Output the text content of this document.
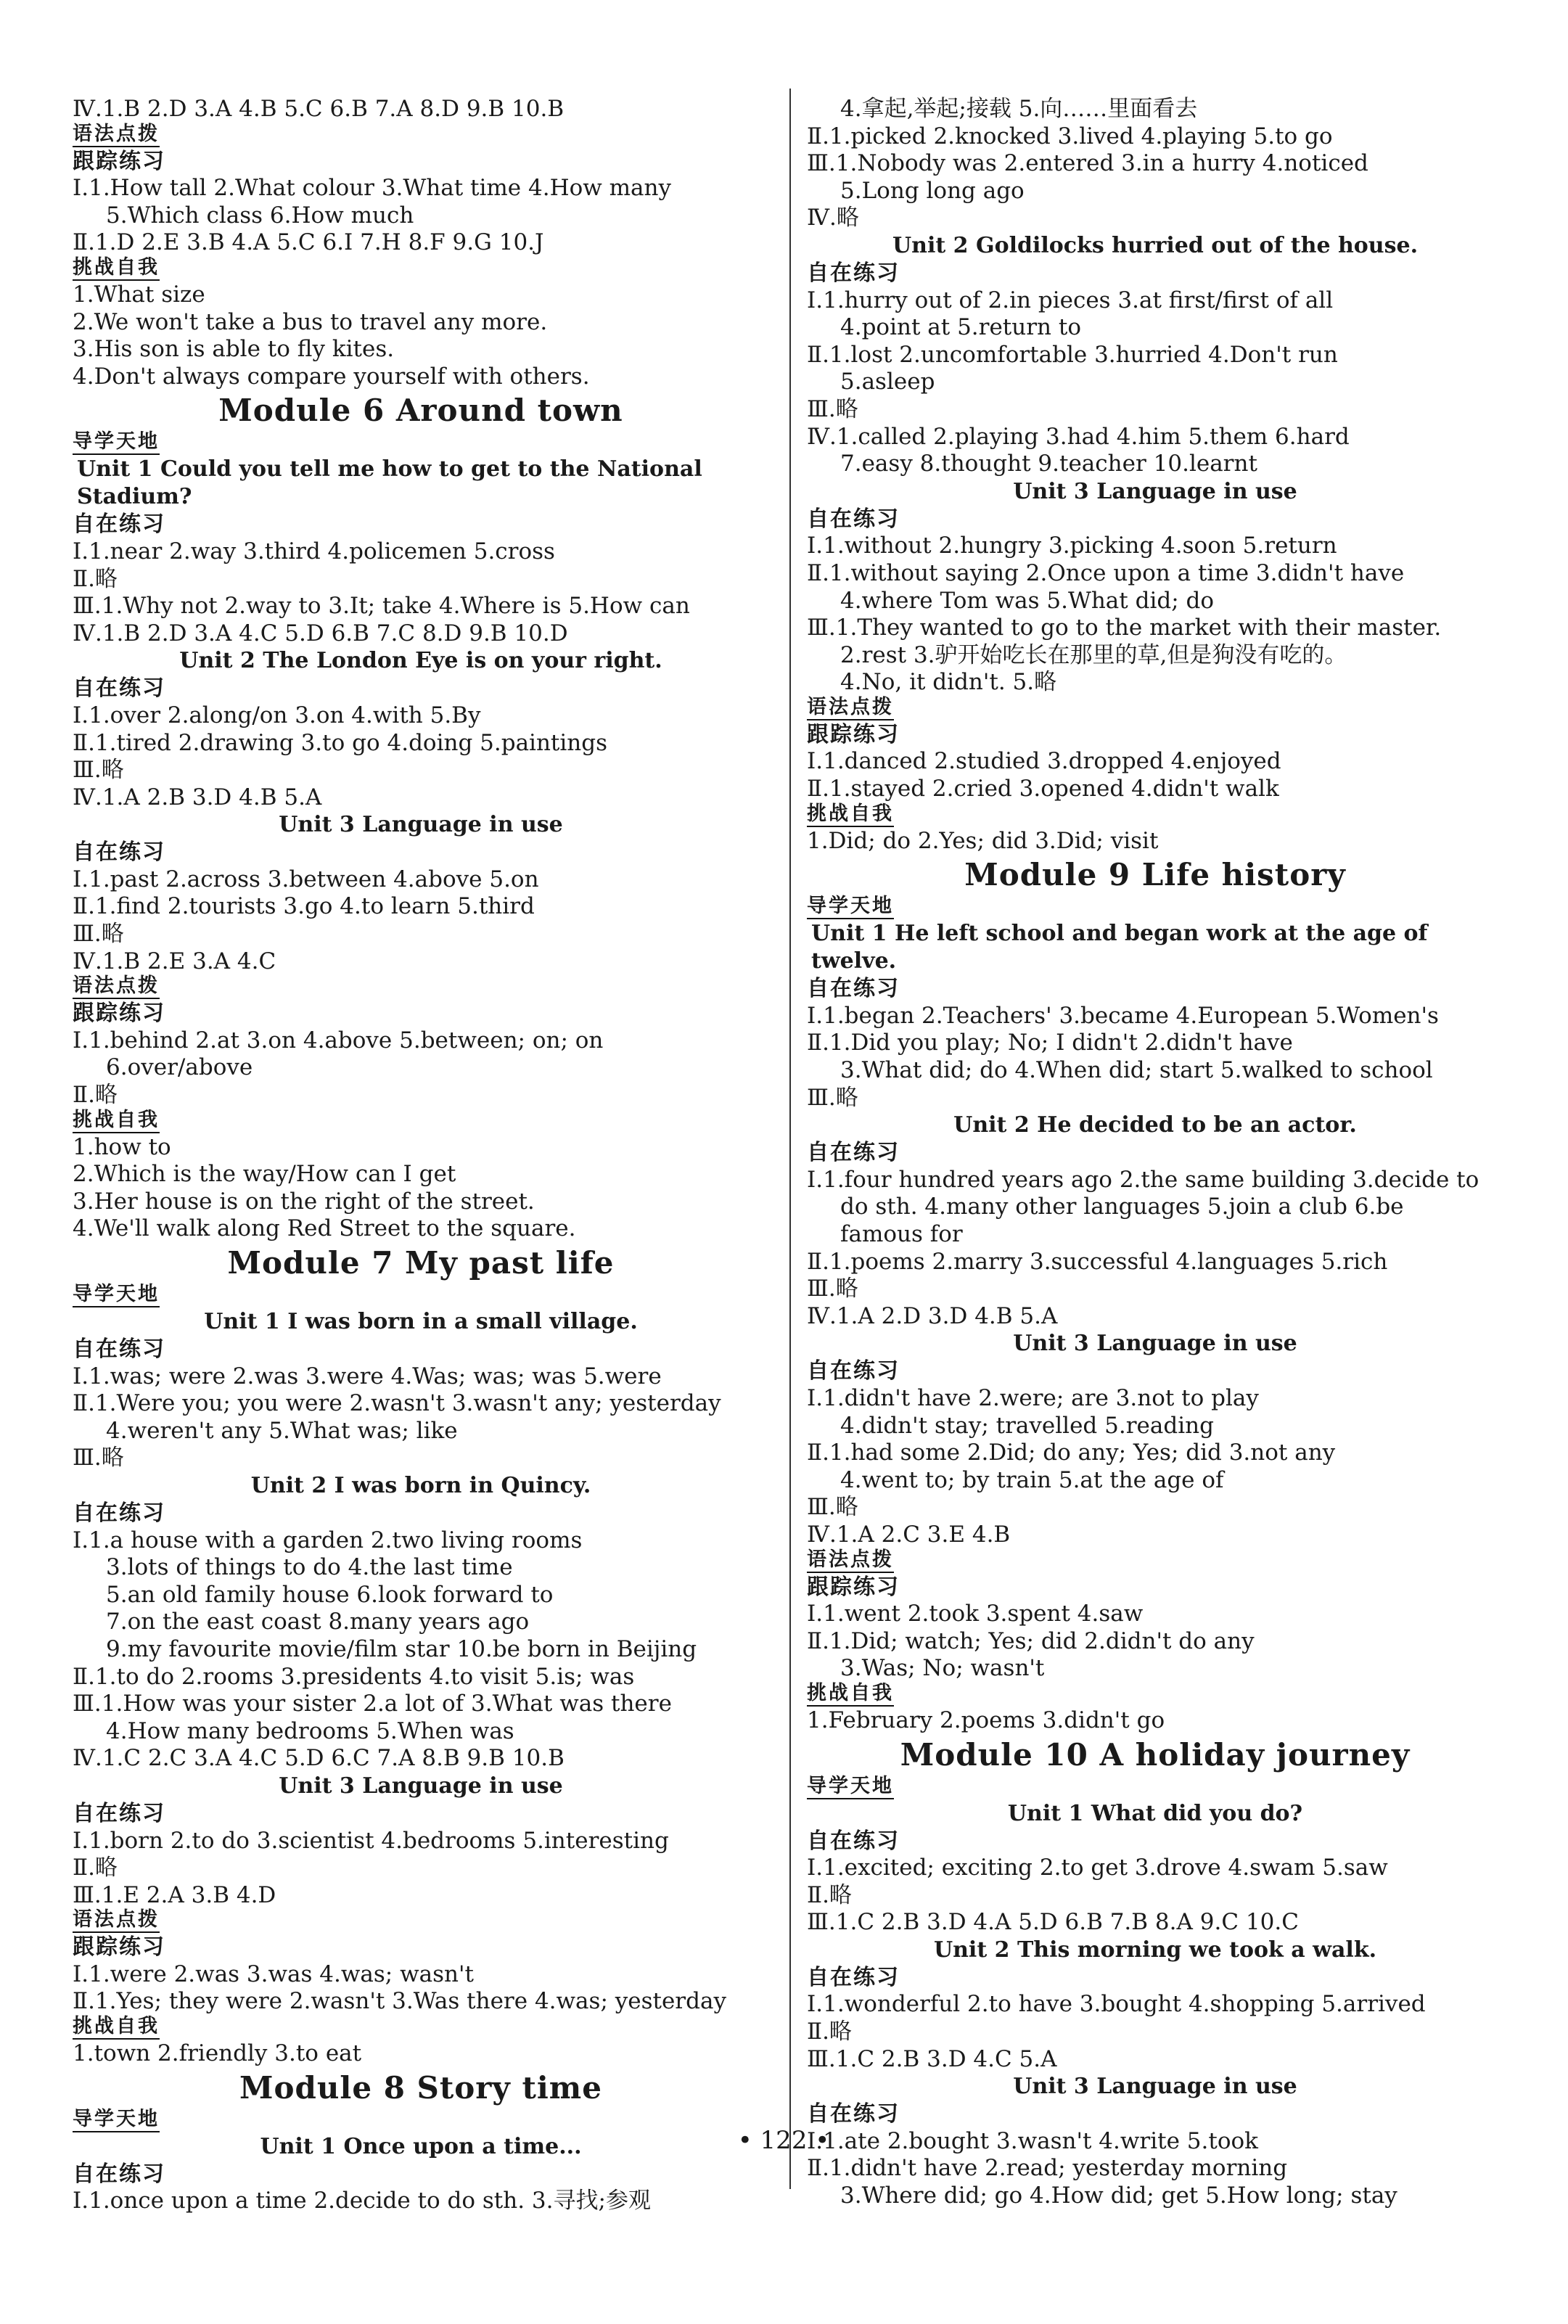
Ⅳ.1.B 2.D 3.A 4.B 5.C 6.B 7.A 8.D 9.B 10.B
语法点拨
跟踪练习
Ⅰ.1.How tall 2.What colour 3.What time 4.How many
5.Which class 6.How much
Ⅱ.1.D 2.E 3.B 4.A 5.C 6.I 7.H 8.F 9.G 10.J
挑战自我
1.What size
2.We won't take a bus to travel any more.
3.His son is able to fly kites.
4.Don't always compare yourself with others.
Module 6 Around town
导学天地
Unit 1 Could you tell me how to get to the National Stadium?
自在练习
Ⅰ.1.near 2.way 3.third 4.policemen 5.cross
Ⅱ.略
Ⅲ.1.Why not 2.way to 3.It; take 4.Where is 5.How can
Ⅳ.1.B 2.D 3.A 4.C 5.D 6.B 7.C 8.D 9.B 10.D
Unit 2 The London Eye is on your right.
自在练习
Ⅰ.1.over 2.along/on 3.on 4.with 5.By
Ⅱ.1.tired 2.drawing 3.to go 4.doing 5.paintings
Ⅲ.略
Ⅳ.1.A 2.B 3.D 4.B 5.A
Unit 3 Language in use
自在练习
Ⅰ.1.past 2.across 3.between 4.above 5.on
Ⅱ.1.find 2.tourists 3.go 4.to learn 5.third
Ⅲ.略
Ⅳ.1.B 2.E 3.A 4.C
语法点拨
跟踪练习
Ⅰ.1.behind 2.at 3.on 4.above 5.between; on; on
6.over/above
Ⅱ.略
挑战自我
1.how to
2.Which is the way/How can I get
3.Her house is on the right of the street.
4.We'll walk along Red Street to the square.
Module 7 My past life
导学天地
Unit 1 I was born in a small village.
自在练习
Ⅰ.1.was; were 2.was 3.were 4.Was; was; was 5.were
Ⅱ.1.Were you; you were 2.wasn't 3.wasn't any; yesterday
4.weren't any 5.What was; like
Ⅲ.略
Unit 2 I was born in Quincy.
自在练习
Ⅰ.1.a house with a garden 2.two living rooms
3.lots of things to do 4.the last time
5.an old family house 6.look forward to
7.on the east coast 8.many years ago
9.my favourite movie/film star 10.be born in Beijing
Ⅱ.1.to do 2.rooms 3.presidents 4.to visit 5.is; was
Ⅲ.1.How was your sister 2.a lot of 3.What was there
4.How many bedrooms 5.When was
Ⅳ.1.C 2.C 3.A 4.C 5.D 6.C 7.A 8.B 9.B 10.B
Unit 3 Language in use
自在练习
Ⅰ.1.born 2.to do 3.scientist 4.bedrooms 5.interesting
Ⅱ.略
Ⅲ.1.E 2.A 3.B 4.D
语法点拨
跟踪练习
Ⅰ.1.were 2.was 3.was 4.was; wasn't
Ⅱ.1.Yes; they were 2.wasn't 3.Was there 4.was; yesterday
挑战自我
1.town 2.friendly 3.to eat
Module 8 Story time
导学天地
Unit 1 Once upon a time...
自在练习
Ⅰ.1.once upon a time 2.decide to do sth. 3.寻找;参观
4.拿起,举起;接载 5.向……里面看去
Ⅱ.1.picked 2.knocked 3.lived 4.playing 5.to go
Ⅲ.1.Nobody was 2.entered 3.in a hurry 4.noticed
5.Long long ago
Ⅳ.略
Unit 2 Goldilocks hurried out of the house.
自在练习
Ⅰ.1.hurry out of 2.in pieces 3.at first/first of all
4.point at 5.return to
Ⅱ.1.lost 2.uncomfortable 3.hurried 4.Don't run
5.asleep
Ⅲ.略
Ⅳ.1.called 2.playing 3.had 4.him 5.them 6.hard
7.easy 8.thought 9.teacher 10.learnt
Unit 3 Language in use
自在练习
Ⅰ.1.without 2.hungry 3.picking 4.soon 5.return
Ⅱ.1.without saying 2.Once upon a time 3.didn't have
4.where Tom was 5.What did; do
Ⅲ.1.They wanted to go to the market with their master.
2.rest 3.驴开始吃长在那里的草,但是狗没有吃的。
4.No, it didn't. 5.略
语法点拨
跟踪练习
Ⅰ.1.danced 2.studied 3.dropped 4.enjoyed
Ⅱ.1.stayed 2.cried 3.opened 4.didn't walk
挑战自我
1.Did; do 2.Yes; did 3.Did; visit
Module 9 Life history
导学天地
Unit 1 He left school and began work at the age of twelve.
自在练习
Ⅰ.1.began 2.Teachers' 3.became 4.European 5.Women's
Ⅱ.1.Did you play; No; I didn't 2.didn't have
3.What did; do 4.When did; start 5.walked to school
Ⅲ.略
Unit 2 He decided to be an actor.
自在练习
Ⅰ.1.four hundred years ago 2.the same building 3.decide to
do sth. 4.many other languages 5.join a club 6.be
famous for
Ⅱ.1.poems 2.marry 3.successful 4.languages 5.rich
Ⅲ.略
Ⅳ.1.A 2.D 3.D 4.B 5.A
Unit 3 Language in use
自在练习
Ⅰ.1.didn't have 2.were; are 3.not to play
4.didn't stay; travelled 5.reading
Ⅱ.1.had some 2.Did; do any; Yes; did 3.not any
4.went to; by train 5.at the age of
Ⅲ.略
Ⅳ.1.A 2.C 3.E 4.B
语法点拨
跟踪练习
Ⅰ.1.went 2.took 3.spent 4.saw
Ⅱ.1.Did; watch; Yes; did 2.didn't do any
3.Was; No; wasn't
挑战自我
1.February 2.poems 3.didn't go
Module 10 A holiday journey
导学天地
Unit 1 What did you do?
自在练习
Ⅰ.1.excited; exciting 2.to get 3.drove 4.swam 5.saw
Ⅱ.略
Ⅲ.1.C 2.B 3.D 4.A 5.D 6.B 7.B 8.A 9.C 10.C
Unit 2 This morning we took a walk.
自在练习
Ⅰ.1.wonderful 2.to have 3.bought 4.shopping 5.arrived
Ⅱ.略
Ⅲ.1.C 2.B 3.D 4.C 5.A
Unit 3 Language in use
自在练习
Ⅰ.1.ate 2.bought 3.wasn't 4.write 5.took
Ⅱ.1.didn't have 2.read; yesterday morning
3.Where did; go 4.How did; get 5.How long; stay
• 122 •
